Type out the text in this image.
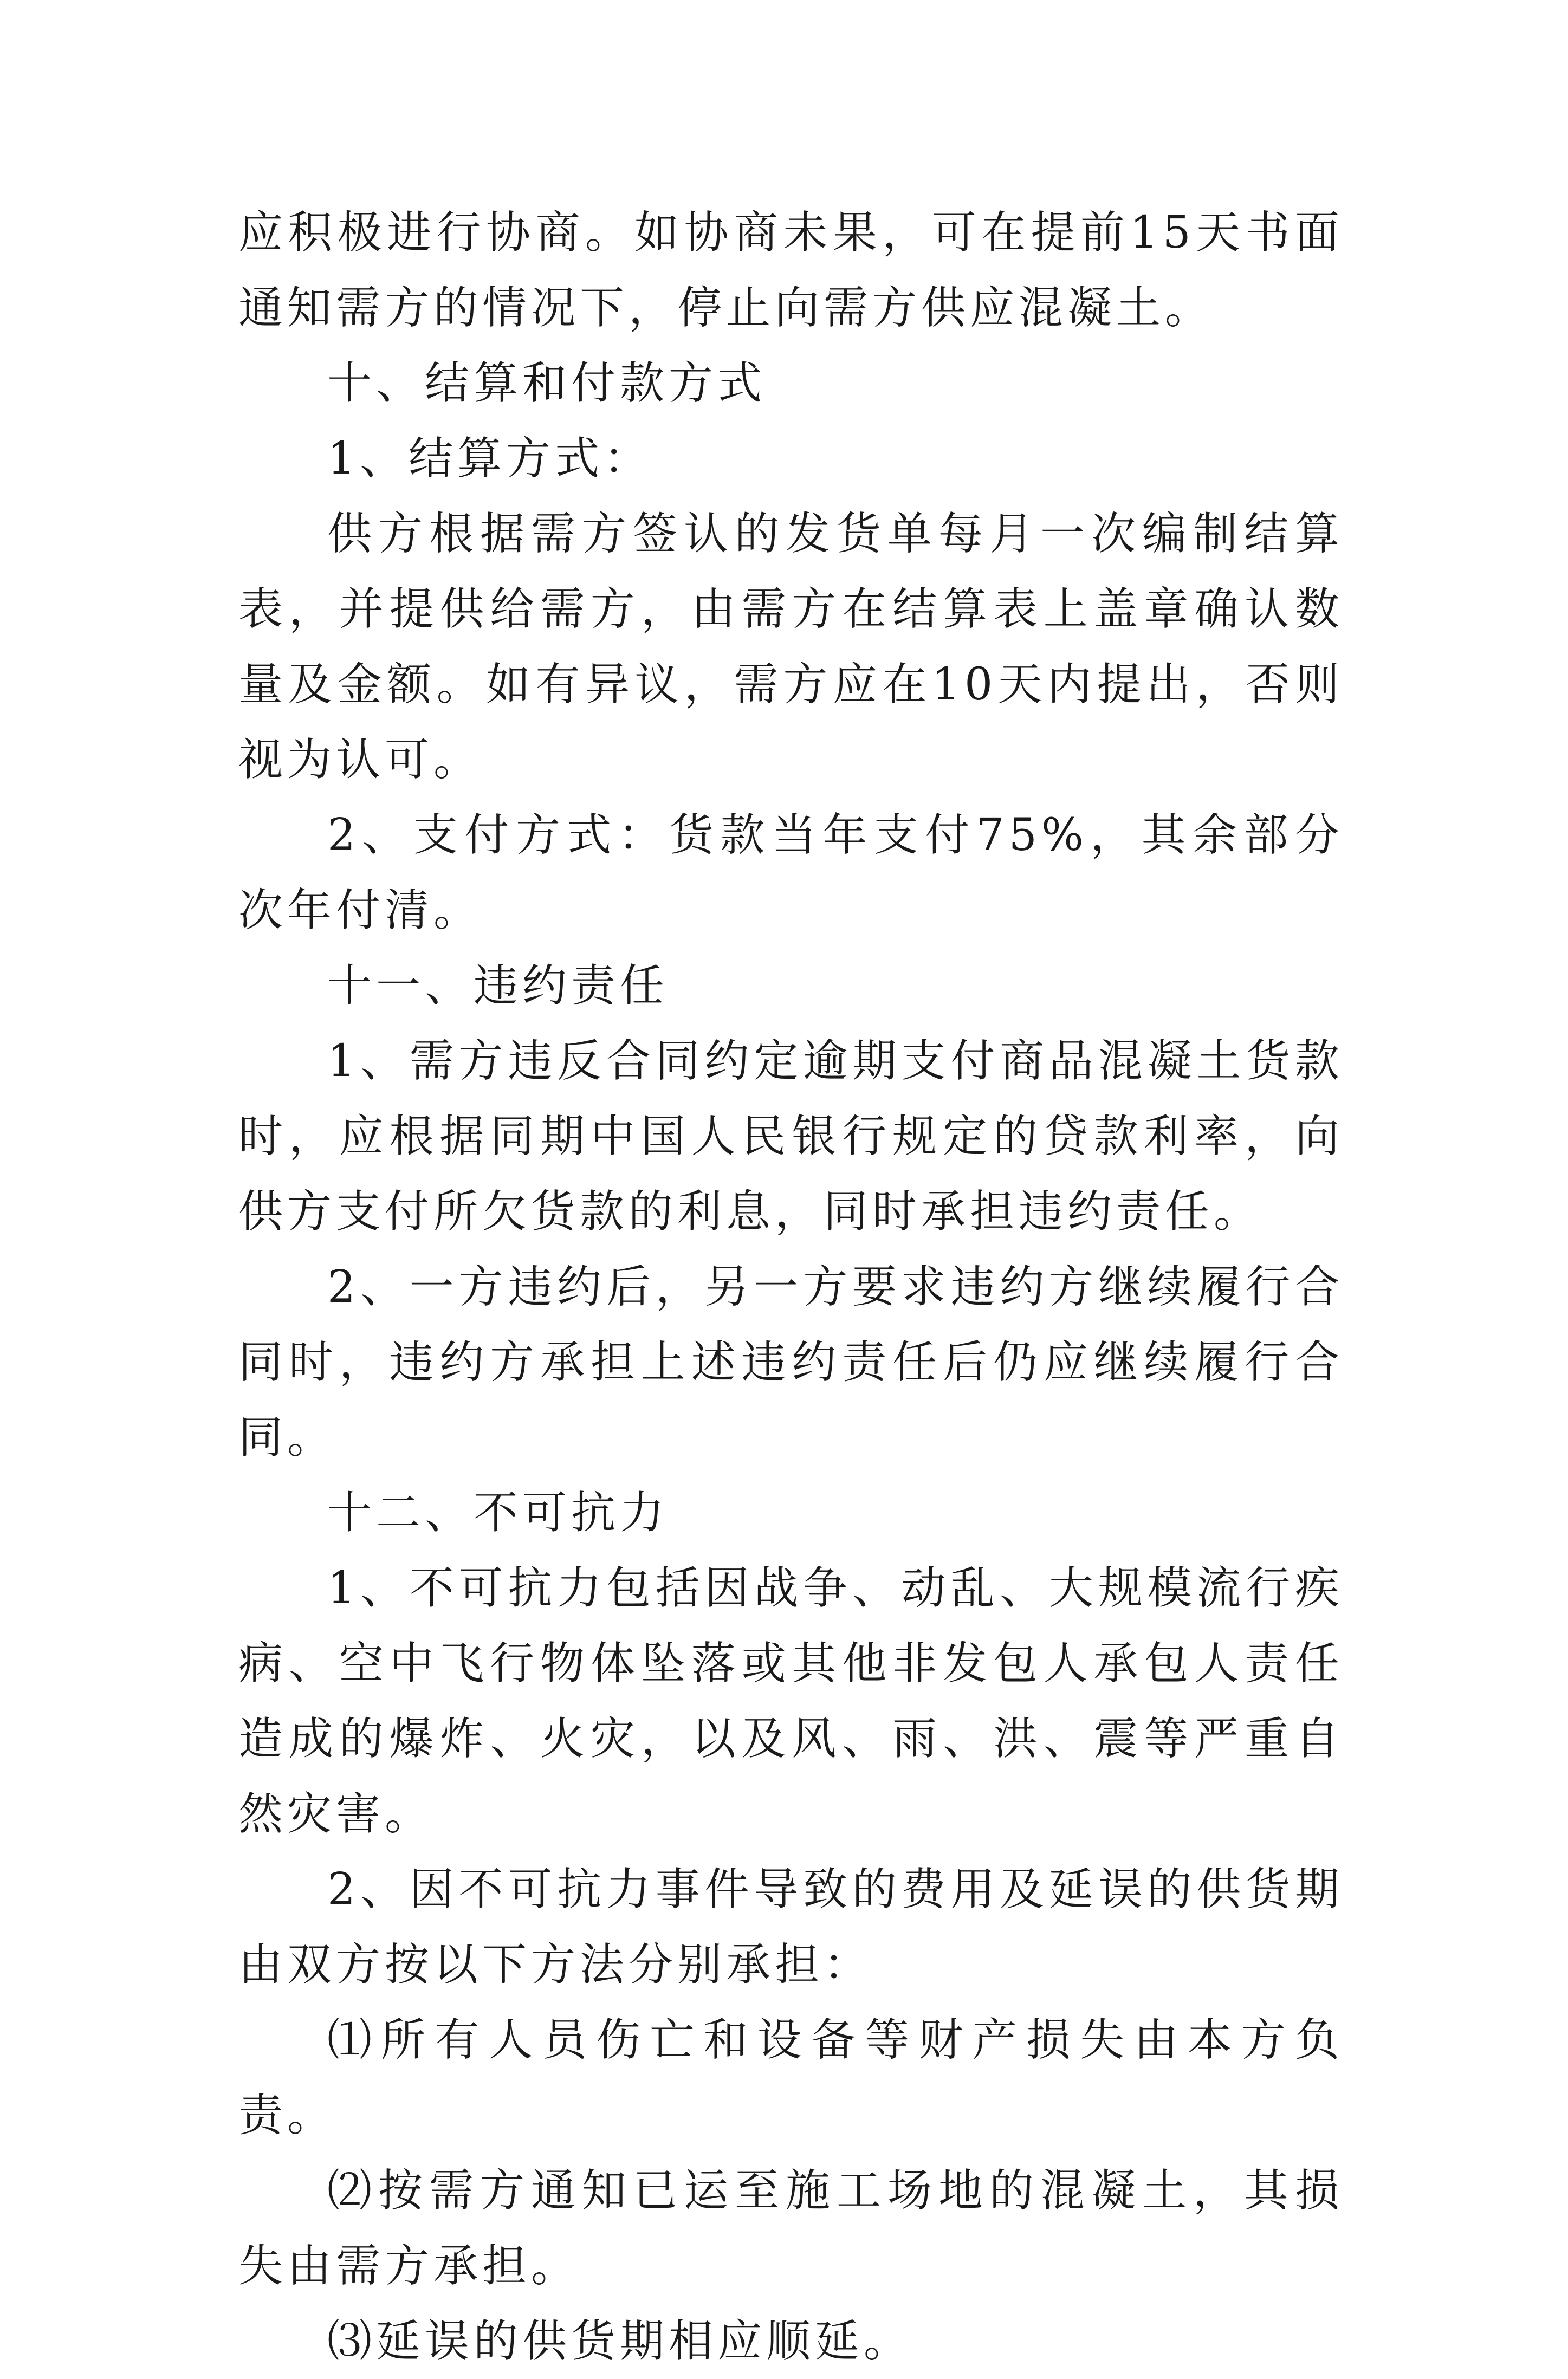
应积极进行协商。如协商未果，可在提前15天书面通知需方的情况下，停止向需方供应混凝土。

十、结算和付款方式

1、结算方式：

供方根据需方签认的发货单每月一次编制结算表，并提供给需方，由需方在结算表上盖章确认数量及金额。如有异议，需方应在10天内提出，否则视为认可。

2、支付方式：货款当年支付75%，其余部分次年付清。

十一、违约责任

1、需方违反合同约定逾期支付商品混凝土货款时，应根据同期中国人民银行规定的贷款利率，向供方支付所欠货款的利息，同时承担违约责任。

2、一方违约后，另一方要求违约方继续履行合同时，违约方承担上述违约责任后仍应继续履行合同。

十二、不可抗力

1、不可抗力包括因战争、动乱、大规模流行疾病、空中飞行物体坠落或其他非发包人承包人责任造成的爆炸、火灾，以及风、雨、洪、震等严重自然灾害。

2、因不可抗力事件导致的费用及延误的供货期由双方按以下方法分别承担：

⑴所有人员伤亡和设备等财产损失由本方负责。

⑵按需方通知已运至施工场地的混凝土，其损失由需方承担。

⑶延误的供货期相应顺延。
